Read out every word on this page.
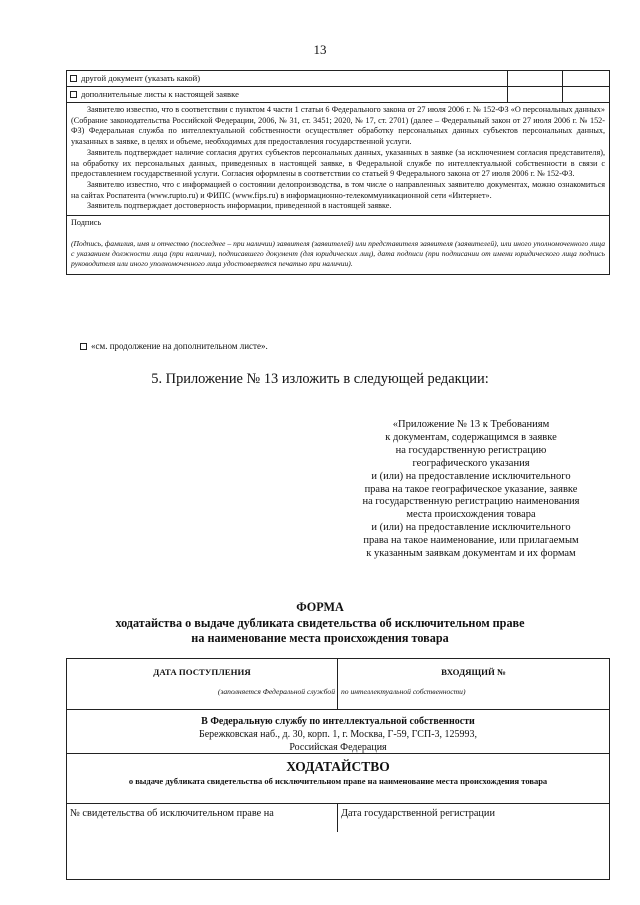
13
другой документ (указать какой)
дополнительные листы к настоящей заявке

Заявителю известно, что в соответствии с пунктом 4 части 1 статьи 6 Федерального закона от 27 июля 2006 г. № 152-ФЗ «О персональных данных» (Собрание законодательства Российской Федерации, 2006, № 31, ст. 3451; 2020, № 17, ст. 2701) (далее – Федеральный закон от 27 июля 2006 г. № 152-ФЗ) Федеральная служба по интеллектуальной собственности осуществляет обработку персональных данных субъектов персональных данных, указанных в заявке, в целях и объеме, необходимых для предоставления государственной услуги.

Заявитель подтверждает наличие согласия других субъектов персональных данных, указанных в заявке (за исключением согласия представителя), на обработку их персональных данных, приведенных в настоящей заявке, в Федеральной службе по интеллектуальной собственности в связи с предоставлением государственной услуги. Согласия оформлены в соответствии со статьей 9 Федерального закона от 27 июля 2006 г. № 152-ФЗ.

Заявителю известно, что с информацией о состоянии делопроизводства, в том числе о направленных заявителю документах, можно ознакомиться на сайтах Роспатента (www.rupto.ru) и ФИПС (www.fips.ru) в информационно-телекоммуникационной сети «Интернет».

Заявитель подтверждает достоверность информации, приведенной в настоящей заявке.

Подпись

(Подпись, фамилия, имя и отчество (последнее – при наличии) заявителя (заявителей) или представителя заявителя (заявителей), или иного уполномоченного лица с указанием должности лица (при наличии), подписавшего документ (для юридических лиц), дата подписи (при подписании от имени юридического лица подпись руководителя или иного уполномоченного лица удостоверяется печатью при наличии).

«см. продолжение на дополнительном листе».
5. Приложение № 13 изложить в следующей редакции:
«Приложение № 13 к Требованиям
к документам, содержащимся в заявке
на государственную регистрацию
географического указания
и (или) на предоставление исключительного
права на такое географическое указание, заявке
на государственную регистрацию наименования
места происхождения товара
и (или) на предоставление исключительного
права на такое наименование, или прилагаемым
к указанным заявкам документам и их формам
ФОРМА
ходатайства о выдаче дубликата свидетельства об исключительном праве
на наименование места происхождения товара
ДАТА ПОСТУПЛЕНИЯ
(заполняется Федеральной службой
ВХОДЯЩИЙ №
по интеллектуальной собственности)
В Федеральную службу по интеллектуальной собственности
Бережковская наб., д. 30, корп. 1, г. Москва, Г-59, ГСП-3, 125993,
Российская Федерация
ХОДАТАЙСТВО
о выдаче дубликата свидетельства об исключительном праве на наименование места происхождения товара
№ свидетельства об исключительном праве на	Дата государственной регистрации
